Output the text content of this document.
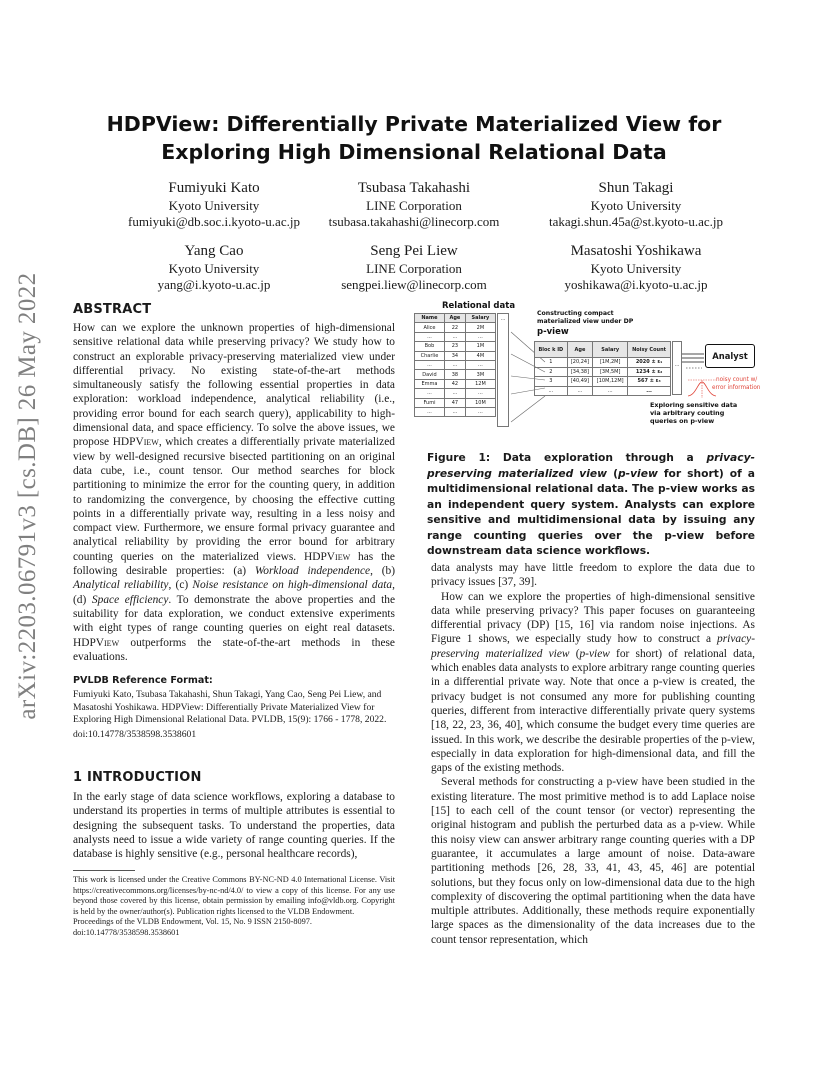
arXiv:2203.06791v3 [cs.DB] 26 May 2022
HDPView: Differentially Private Materialized View for
Exploring High Dimensional Relational Data
Fumiyuki Kato
Kyoto University
fumiyuki@db.soc.i.kyoto-u.ac.jp
Tsubasa Takahashi
LINE Corporation
tsubasa.takahashi@linecorp.com
Shun Takagi
Kyoto University
takagi.shun.45a@st.kyoto-u.ac.jp
Yang Cao
Kyoto University
yang@i.kyoto-u.ac.jp
Seng Pei Liew
LINE Corporation
sengpei.liew@linecorp.com
Masatoshi Yoshikawa
Kyoto University
yoshikawa@i.kyoto-u.ac.jp
ABSTRACT

How can we explore the unknown properties of high-dimensional sensitive relational data while preserving privacy? We study how to construct an explorable privacy-preserving materialized view under differential privacy. No existing state-of-the-art methods simultaneously satisfy the following essential properties in data exploration: workload independence, analytical reliability (i.e., providing error bound for each search query), applicability to high-dimensional data, and space efficiency. To solve the above issues, we propose HDPView, which creates a differentially private materialized view by well-designed recursive bisected partitioning on an original data cube, i.e., count tensor. Our method searches for block partitioning to minimize the error for the counting query, in addition to randomizing the convergence, by choosing the effective cutting points in a differentially private way, resulting in a less noisy and compact view. Furthermore, we ensure formal privacy guarantee and analytical reliability by providing the error bound for arbitrary counting queries on the materialized views. HDPView has the following desirable properties: (a) Workload independence, (b) Analytical reliability, (c) Noise resistance on high-dimensional data, (d) Space efficiency. To demonstrate the above properties and the suitability for data exploration, we conduct extensive experiments with eight types of range counting queries on eight real datasets. HDPView outperforms the state-of-the-art methods in these evaluations.

PVLDB Reference Format:
Fumiyuki Kato, Tsubasa Takahashi, Shun Takagi, Yang Cao, Seng Pei Liew, and Masatoshi Yoshikawa. HDPView: Differentially Private Materialized View for Exploring High Dimensional Relational Data. PVLDB, 15(9): 1766 - 1778, 2022.
doi:10.14778/3538598.3538601
1 INTRODUCTION
In the early stage of data science workflows, exploring a database to understand its properties in terms of multiple attributes is essential to designing the subsequent tasks. To understand the properties, data analysts need to issue a wide variety of range counting queries. If the database is highly sensitive (e.g., personal healthcare records),
This work is licensed under the Creative Commons BY-NC-ND 4.0 International License. Visit https://creativecommons.org/licenses/by-nc-nd/4.0/ to view a copy of this license. For any use beyond those covered by this license, obtain permission by emailing info@vldb.org. Copyright is held by the owner/author(s). Publication rights licensed to the VLDB Endowment.
Proceedings of the VLDB Endowment, Vol. 15, No. 9 ISSN 2150-8097.
doi:10.14778/3538598.3538601
Relational data
Name	Age	Salary
Alice	22	2M
...	...	...
Bob	23	1M
Charlie	34	4M
...	...	...
David	38	3M
Emma	42	12M
...	...	...
Fumi	47	10M
...	...	...
...
Constructing compact
materialized view under DP
p-view
Bloc k ID	Age	Salary	Noisy Count
1	[20,24]	[1M,2M]	2020 ± ε₁
2	[34,38]	[3M,5M]	1234 ± ε₂
3	[40,49]	[10M,12M]	567 ± ε₃
...	...	...	...
...
Analyst
noisy count w/
error information
Exploring sensitive data
via arbitrary couting
queries on p-view
Figure 1: Data exploration through a privacy-preserving materialized view (p-view for short) of a multidimensional relational data. The p-view works as an independent query system. Analysts can explore sensitive and multidimensional data by issuing any range counting queries over the p-view before downstream data science workflows.

data analysts may have little freedom to explore the data due to privacy issues [37, 39].

How can we explore the properties of high-dimensional sensitive data while preserving privacy? This paper focuses on guaranteeing differential privacy (DP) [15, 16] via random noise injections. As Figure 1 shows, we especially study how to construct a privacy-preserving materialized view (p-view for short) of relational data, which enables data analysts to explore arbitrary range counting queries in a differential private way. Note that once a p-view is created, the privacy budget is not consumed any more for publishing counting queries, different from interactive differentially private query systems [18, 22, 23, 36, 40], which consume the budget every time queries are issued. In this work, we describe the desirable properties of the p-view, especially in data exploration for high-dimensional data, and fill the gaps of the existing methods.

Several methods for constructing a p-view have been studied in the existing literature. The most primitive method is to add Laplace noise [15] to each cell of the count tensor (or vector) representing the original histogram and publish the perturbed data as a p-view. While this noisy view can answer arbitrary range counting queries with a DP guarantee, it accumulates a large amount of noise. Data-aware partitioning methods [26, 28, 33, 41, 43, 45, 46] are potential solutions, but they focus only on low-dimensional data due to the high complexity of discovering the optimal partitioning when the data have multiple attributes. Additionally, these methods require exponentially large spaces as the dimensionality of the data increases due to the count tensor representation, which
